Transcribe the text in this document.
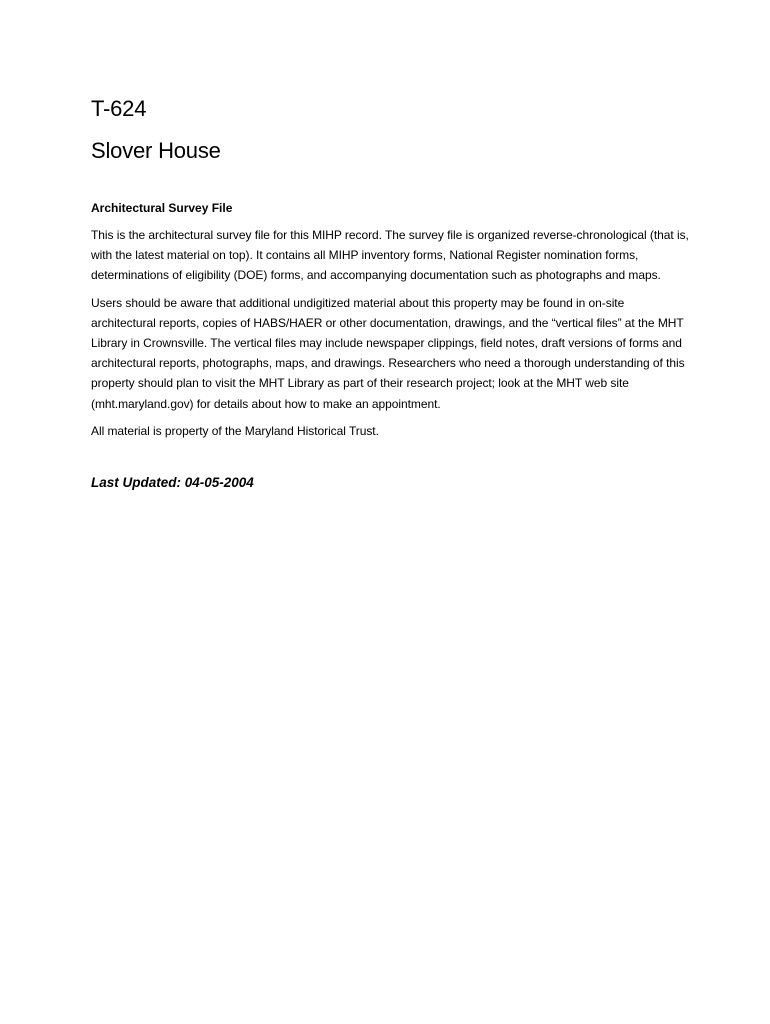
T-624
Slover House
Architectural Survey File

This is the architectural survey file for this MIHP record. The survey file is organized reverse-chronological (that is, with the latest material on top). It contains all MIHP inventory forms, National Register nomination forms, determinations of eligibility (DOE) forms, and accompanying documentation such as photographs and maps.

Users should be aware that additional undigitized material about this property may be found in on-site architectural reports, copies of HABS/HAER or other documentation, drawings, and the “vertical files” at the MHT Library in Crownsville. The vertical files may include newspaper clippings, field notes, draft versions of forms and architectural reports, photographs, maps, and drawings. Researchers who need a thorough understanding of this property should plan to visit the MHT Library as part of their research project; look at the MHT web site (mht.maryland.gov) for details about how to make an appointment.

All material is property of the Maryland Historical Trust.

Last Updated: 04-05-2004
